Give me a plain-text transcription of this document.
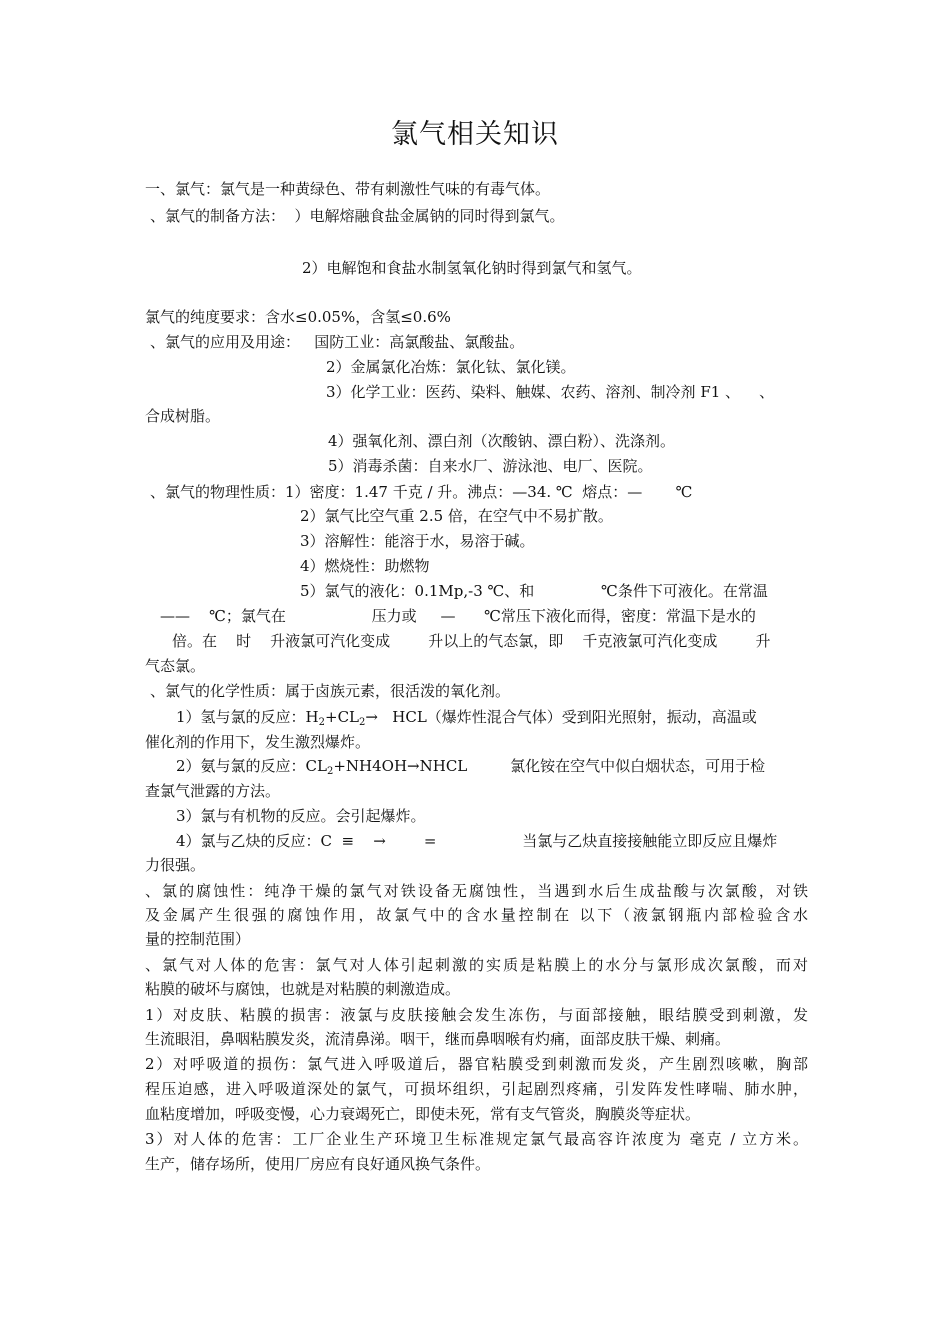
氯气相关知识
一、氯气：氯气是一种黄绿色、带有刺激性气味的有毒气体。
、氯气的制备方法：  ）电解熔融食盐金属钠的同时得到氯气。
2）电解饱和食盐水制氢氧化钠时得到氯气和氢气。
氯气的纯度要求：含水≤0.05%，含氢≤0.6%
、氯气的应用及用途：   国防工业：高氯酸盐、氯酸盐。
2）金属氯化冶炼：氯化钛、氯化镁。
3）化学工业：医药、染料、触媒、农药、溶剂、制冷剂 F1 、    、
合成树脂。
4）强氧化剂、漂白剂（次酸钠、漂白粉）、洗涤剂。
5）消毒杀菌：自来水厂、游泳池、电厂、医院。
、氯气的物理性质：1）密度：1.47 千克 / 升。沸点：—34. ℃  熔点：—       ℃
2）氯气比空气重 2.5 倍，在空气中不易扩散。
3）溶解性：能溶于水，易溶于碱。
4）燃烧性：助燃物
5）氯气的液化：0.1Mp,-3 ℃、和              ℃条件下可液化。在常温
——    ℃；氯气在                  压力或     —      ℃常压下液化而得，密度：常温下是水的
倍。在    时    升液氯可汽化变成        升以上的气态氯，即    千克液氯可汽化变成        升
气态氯。
、氯气的化学性质：属于卤族元素，很活泼的氧化剂。
1）氢与氯的反应：$H_2+CL_2\to HCL$（爆炸性混合气体）受到阳光照射，振动，高温或
催化剂的作用下，发生激烈爆炸。
2）氨与氯的反应：$CL_2+NH4OH\to NHCL$         氯化铵在空气中似白烟状态，可用于检
查氯气泄露的方法。
3）氯与有机物的反应。会引起爆炸。
4）氯与乙炔的反应：C  ≡    →        =                  当氯与乙炔直接接触能立即反应且爆炸
力很强。
、氯的腐蚀性：纯净干燥的氯气对铁设备无腐蚀性，当遇到水后生成盐酸与次氯酸，对铁
及金属产生很强的腐蚀作用，故氯气中的含水量控制在 以下（液氯钢瓶内部检验含水
量的控制范围）
、氯气对人体的危害：氯气对人体引起刺激的实质是粘膜上的水分与氯形成次氯酸，而对
粘膜的破坏与腐蚀，也就是对粘膜的刺激造成。
1）对皮肤、粘膜的损害：液氯与皮肤接触会发生冻伤，与面部接触，眼结膜受到刺激，发
生流眼泪，鼻咽粘膜发炎，流清鼻涕。咽干，继而鼻咽喉有灼痛，面部皮肤干燥、刺痛。
2）对呼吸道的损伤：氯气进入呼吸道后，器官粘膜受到刺激而发炎，产生剧烈咳嗽，胸部
程压迫感，进入呼吸道深处的氯气，可损坏组织，引起剧烈疼痛，引发阵发性哮喘、肺水肿，
血粘度增加，呼吸变慢，心力衰竭死亡，即使未死，常有支气管炎，胸膜炎等症状。
3）对人体的危害：工厂企业生产环境卫生标准规定氯气最高容许浓度为 毫克 / 立方米。
生产，储存场所，使用厂房应有良好通风换气条件。
